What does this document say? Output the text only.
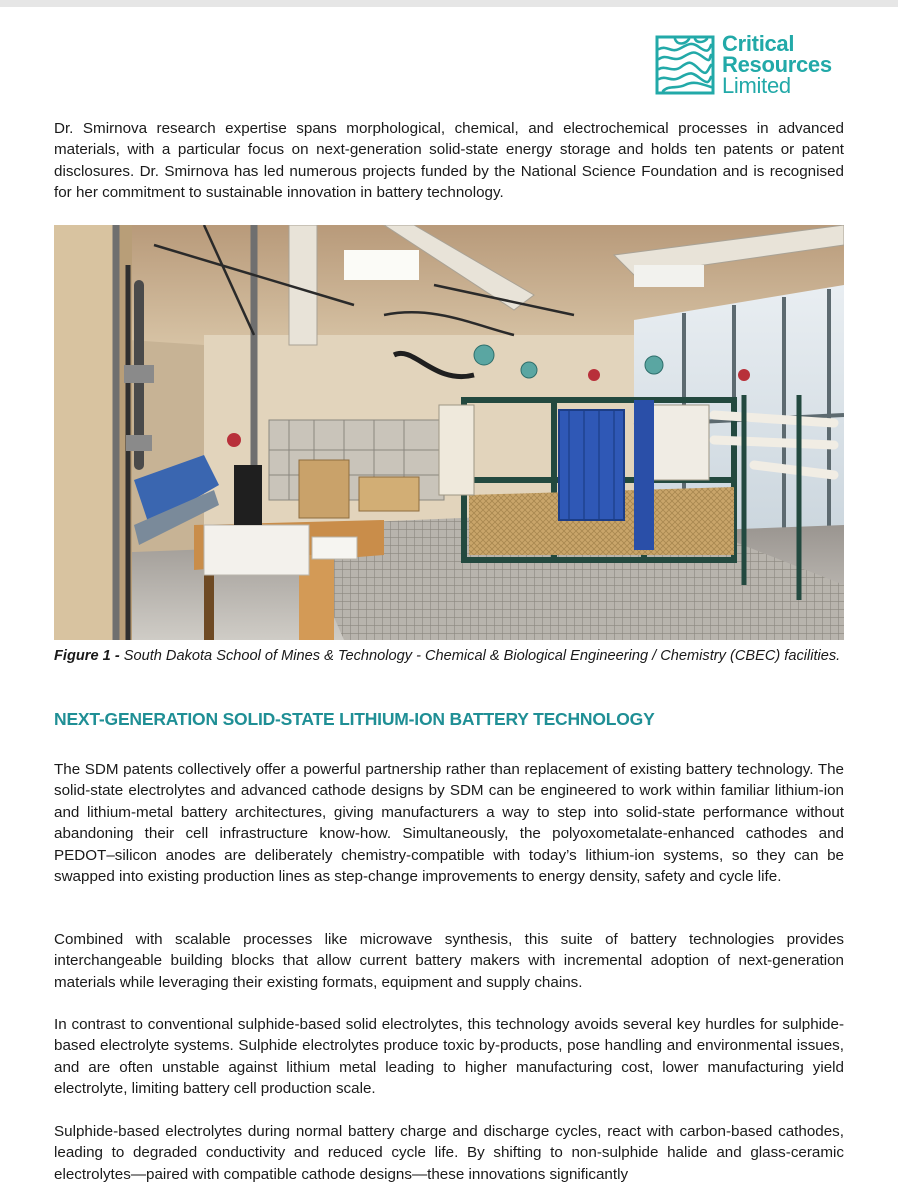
Critical
Resources
Limited

Dr. Smirnova research expertise spans morphological, chemical, and electrochemical processes in advanced materials, with a particular focus on next-generation solid-state energy storage and holds ten patents or patent disclosures. Dr. Smirnova has led numerous projects funded by the National Science Foundation and is recognised for her commitment to sustainable innovation in battery technology.

Figure 1 - South Dakota School of Mines & Technology - Chemical & Biological Engineering / Chemistry (CBEC) facilities.

NEXT-GENERATION SOLID-STATE LITHIUM-ION BATTERY TECHNOLOGY

The SDM patents collectively offer a powerful partnership rather than replacement of existing battery technology. The solid-state electrolytes and advanced cathode designs by SDM can be engineered to work within familiar lithium-ion and lithium-metal battery architectures, giving manufacturers a way to step into solid-state performance without abandoning their cell infrastructure know-how. Simultaneously, the polyoxometalate-enhanced cathodes and PEDOT–silicon anodes are deliberately chemistry-compatible with today’s lithium-ion systems, so they can be swapped into existing production lines as step-change improvements to energy density, safety and cycle life.

Combined with scalable processes like microwave synthesis, this suite of battery technologies provides interchangeable building blocks that allow current battery makers with incremental adoption of next-generation materials while leveraging their existing formats, equipment and supply chains.

In contrast to conventional sulphide-based solid electrolytes, this technology avoids several key hurdles for sulphide-based electrolyte systems. Sulphide electrolytes produce toxic by-products, pose handling and environmental issues, and are often unstable against lithium metal leading to higher manufacturing cost, lower manufacturing yield electrolyte, limiting battery cell production scale.

Sulphide-based electrolytes during normal battery charge and discharge cycles, react with carbon-based cathodes, leading to degraded conductivity and reduced cycle life. By shifting to non-sulphide halide and glass-ceramic electrolytes—paired with compatible cathode designs—these innovations significantly
